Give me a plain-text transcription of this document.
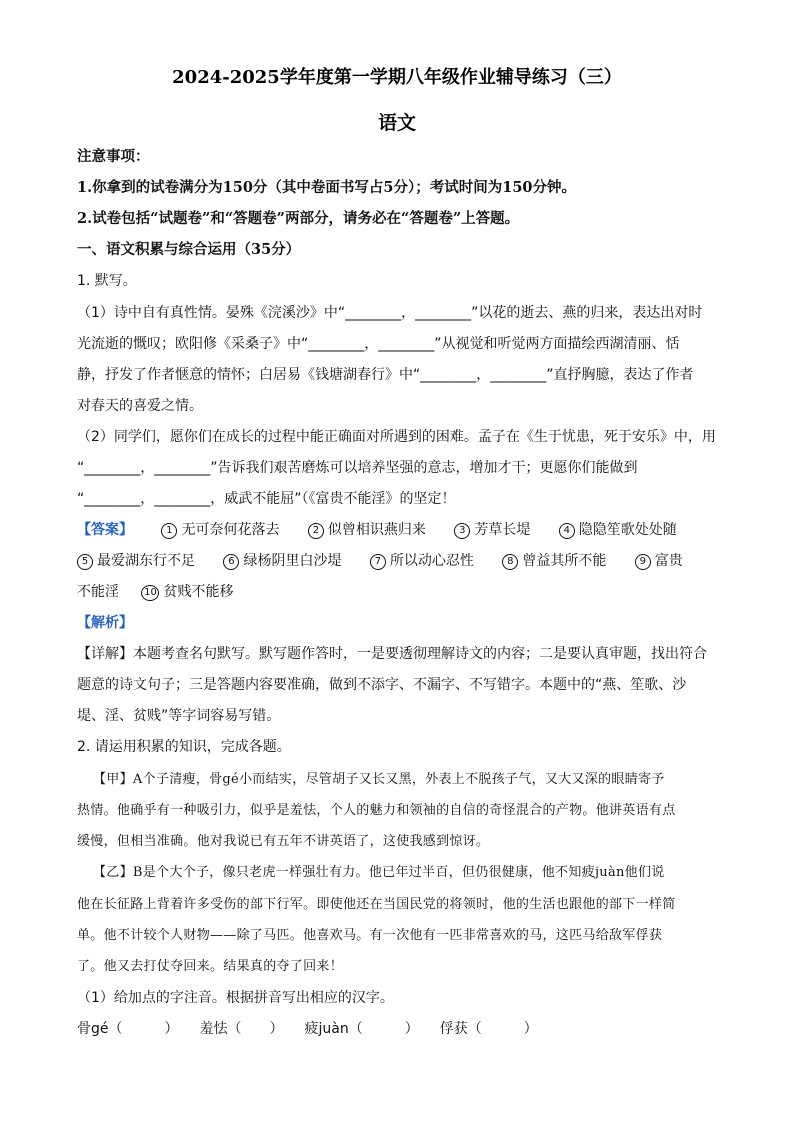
2024-2025学年度第一学期八年级作业辅导练习（三）
语文
注意事项：
1.你拿到的试卷满分为150分（其中卷面书写占5分）；考试时间为150分钟。
2.试卷包括“试题卷”和“答题卷”两部分，请务必在“答题卷”上答题。
一、语文积累与综合运用（35分）
1. 默写。
（1）诗中自有真性情。晏殊《浣溪沙》中“________，________”以花的逝去、燕的归来，表达出对时
光流逝的慨叹；欧阳修《采桑子》中“________，________”从视觉和听觉两方面描绘西湖清丽、恬
静，抒发了作者惬意的情怀；白居易《钱塘湖春行》中“________，________”直抒胸臆，表达了作者
对春天的喜爱之情。
（2）同学们，愿你们在成长的过程中能正确面对所遇到的困难。孟子在《生于忧患，死于安乐》中，用
“________，________”告诉我们艰苦磨炼可以培养坚强的意志，增加才干；更愿你们能做到
“________，________，威武不能屈”（《富贵不能淫》的坚定！
【答案】	1 无可奈何花落去	2 似曾相识燕归来	3 芳草长堤	4 隐隐笙歌处处随
5 最爱湖东行不足	6 绿杨阴里白沙堤	7 所以动心忍性	8 曾益其所不能	9 富贵
不能淫	10 贫贱不能移
【解析】
【详解】本题考查名句默写。默写题作答时，一是要透彻理解诗文的内容；二是要认真审题，找出符合
题意的诗文句子；三是答题内容要准确，做到不添字、不漏字、不写错字。本题中的“燕、笙歌、沙
堤、淫、贫贱”等字词容易写错。
2. 请运用积累的知识，完成各题。
【甲】A个子清瘦，骨gé小而结实，尽管胡子又长又黑，外表上不脱孩子气，又大又深的眼睛寄予
热情。他确乎有一种吸引力，似乎是羞怯，个人的魅力和领袖的自信的奇怪混合的产物。他讲英语有点
缓慢，但相当准确。他对我说已有五年不讲英语了，这使我感到惊讶。
【乙】B是个大个子，像只老虎一样强壮有力。他已年过半百，但仍很健康，他不知疲juàn他们说
他在长征路上背着许多受伤的部下行军。即使他还在当国民党的将领时，他的生活也跟他的部下一样简
单。他不计较个人财物——除了马匹。他喜欢马。有一次他有一匹非常喜欢的马，这匹马给敌军俘获
了。他又去打仗夺回来。结果真的夺了回来！
（1）给加点的字注音。根据拼音写出相应的汉字。
骨gé（　　　）　　羞怯（　　）　　疲juàn（　　　）　　俘获（　　　）
